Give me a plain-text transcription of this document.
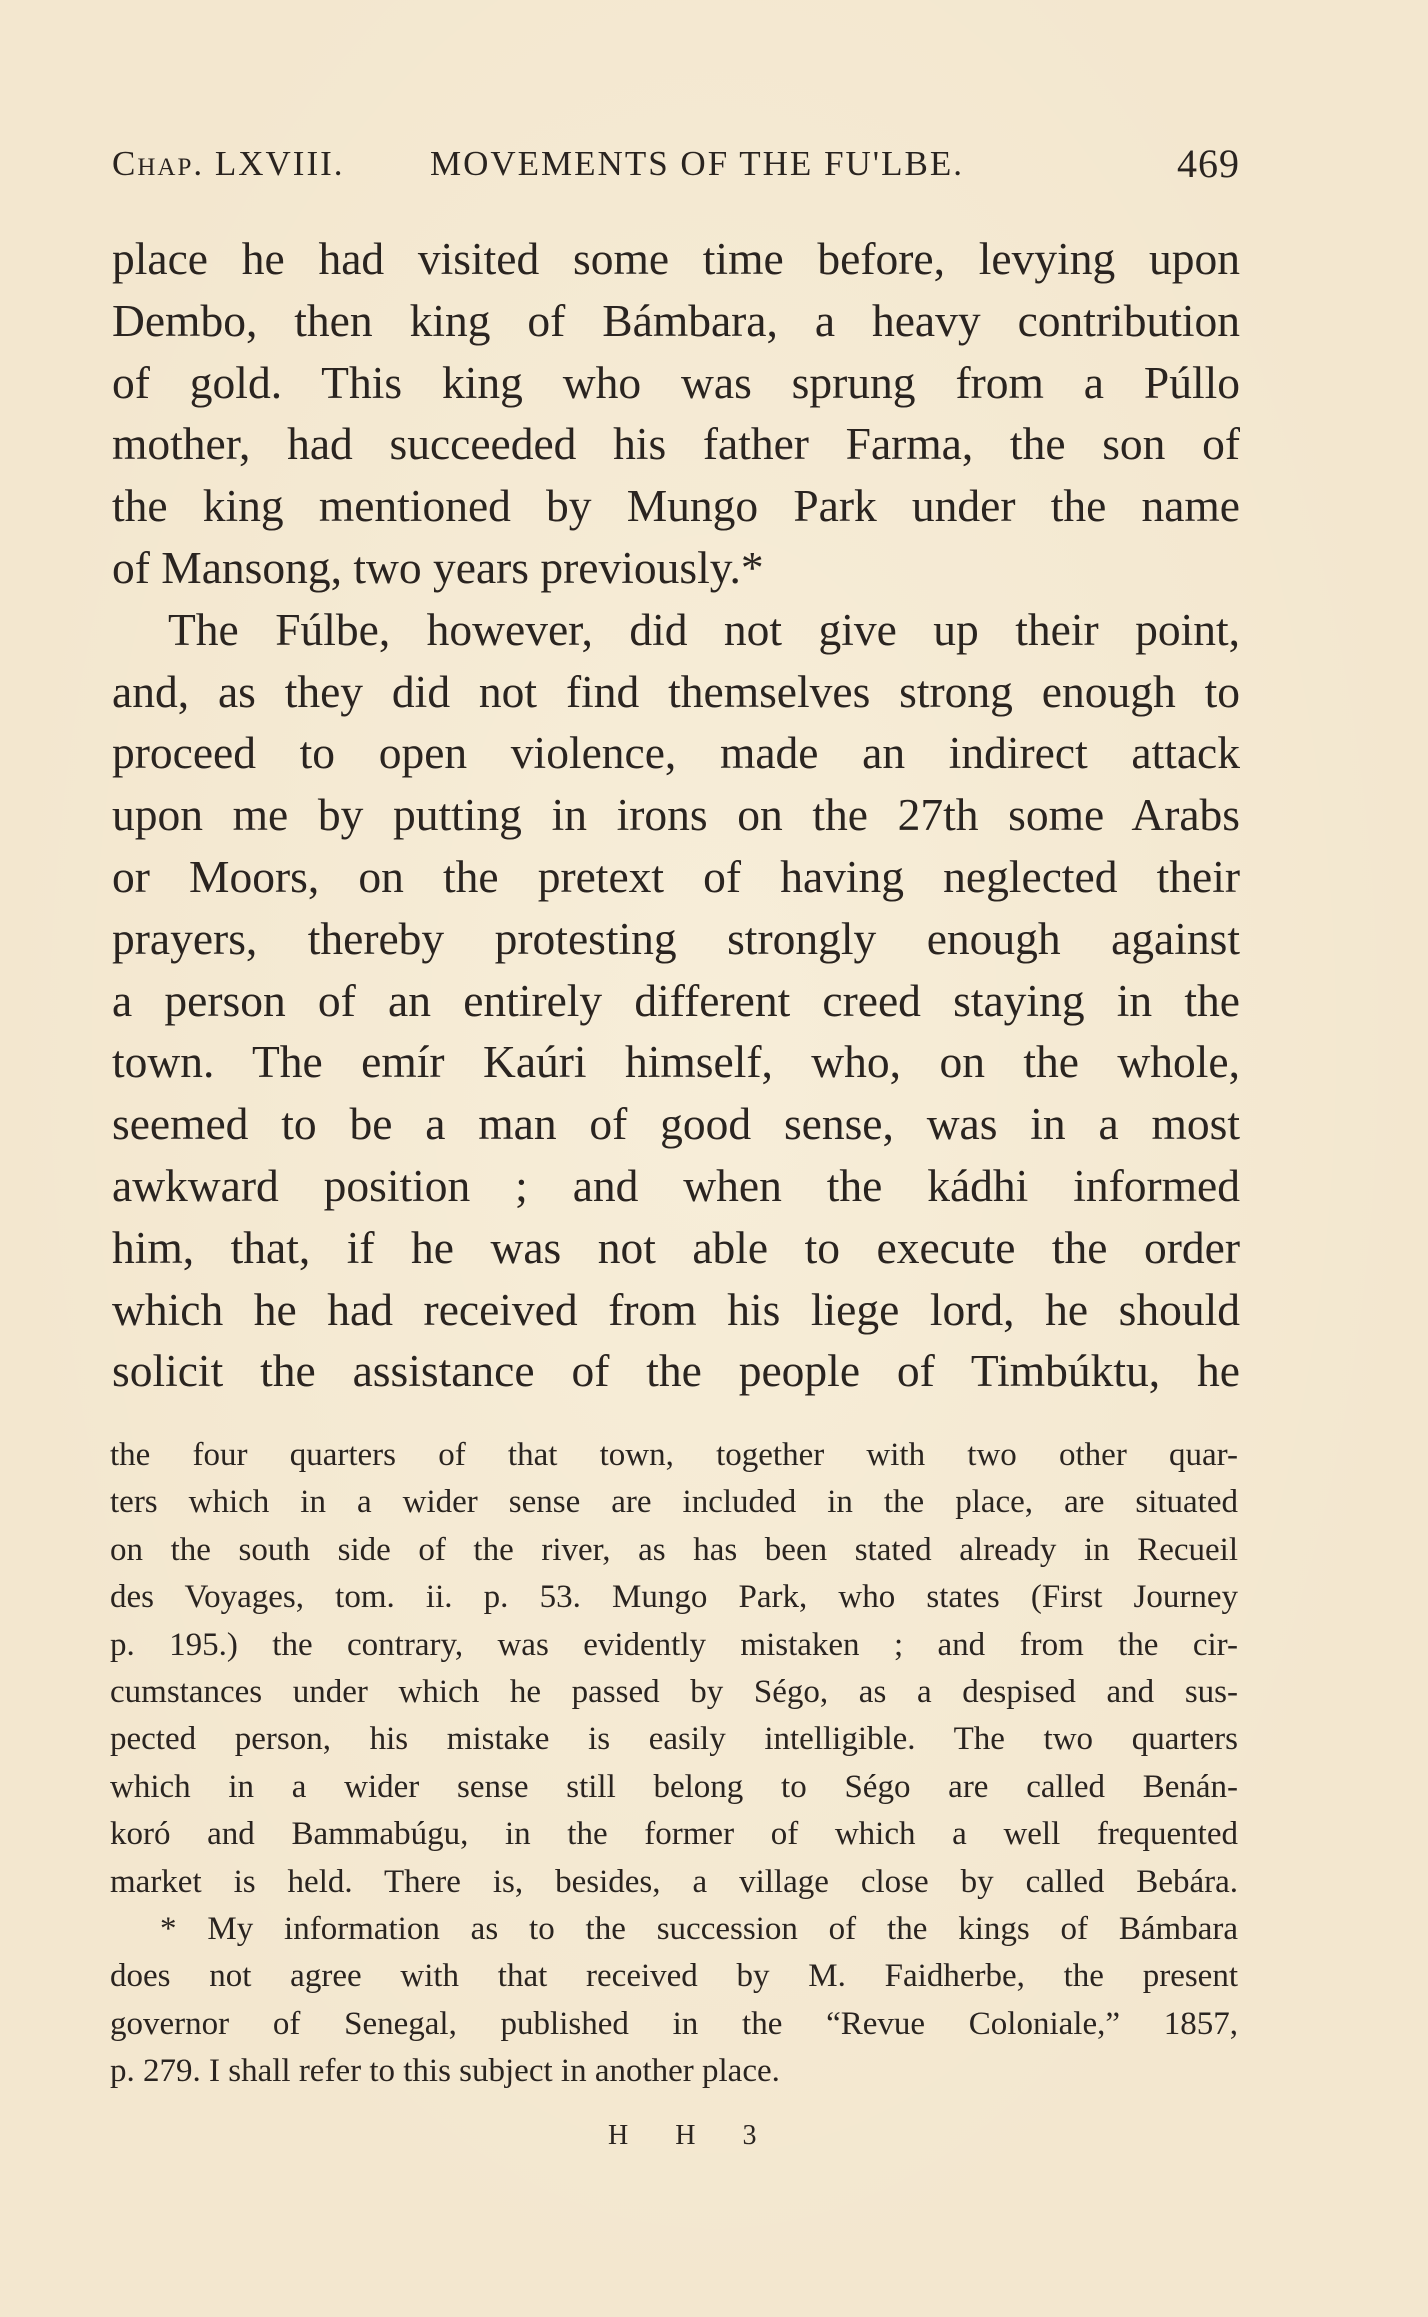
Chap. LXVIII. MOVEMENTS OF THE FU'LBE.	469
place he had visited some time before, levying upon
Dembo, then king of Bámbara, a heavy contribution
of gold. This king who was sprung from a Púllo
mother, had succeeded his father Farma, the son of
the king mentioned by Mungo Park under the name
of Mansong, two years previously.*
The Fúlbe, however, did not give up their point,
and, as they did not find themselves strong enough to
proceed to open violence, made an indirect attack
upon me by putting in irons on the 27th some Arabs
or Moors, on the pretext of having neglected their
prayers, thereby protesting strongly enough against
a person of an entirely different creed staying in the
town. The emír Kaúri himself, who, on the whole,
seemed to be a man of good sense, was in a most
awkward position ; and when the kádhi informed
him, that, if he was not able to execute the order
which he had received from his liege lord, he should
solicit the assistance of the people of Timbúktu, he
the four quarters of that town, together with two other quar-
ters which in a wider sense are included in the place, are situated
on the south side of the river, as has been stated already in Recueil
des Voyages, tom. ii. p. 53. Mungo Park, who states (First Journey
p. 195.) the contrary, was evidently mistaken ; and from the cir-
cumstances under which he passed by Ségo, as a despised and sus-
pected person, his mistake is easily intelligible. The two quarters
which in a wider sense still belong to Ségo are called Benán-
koró and Bammabúgu, in the former of which a well frequented
market is held. There is, besides, a village close by called Bebára.
* My information as to the succession of the kings of Bámbara
does not agree with that received by M. Faidherbe, the present
governor of Senegal, published in the “Revue Coloniale,” 1857,
p. 279. I shall refer to this subject in another place.
H H 3
